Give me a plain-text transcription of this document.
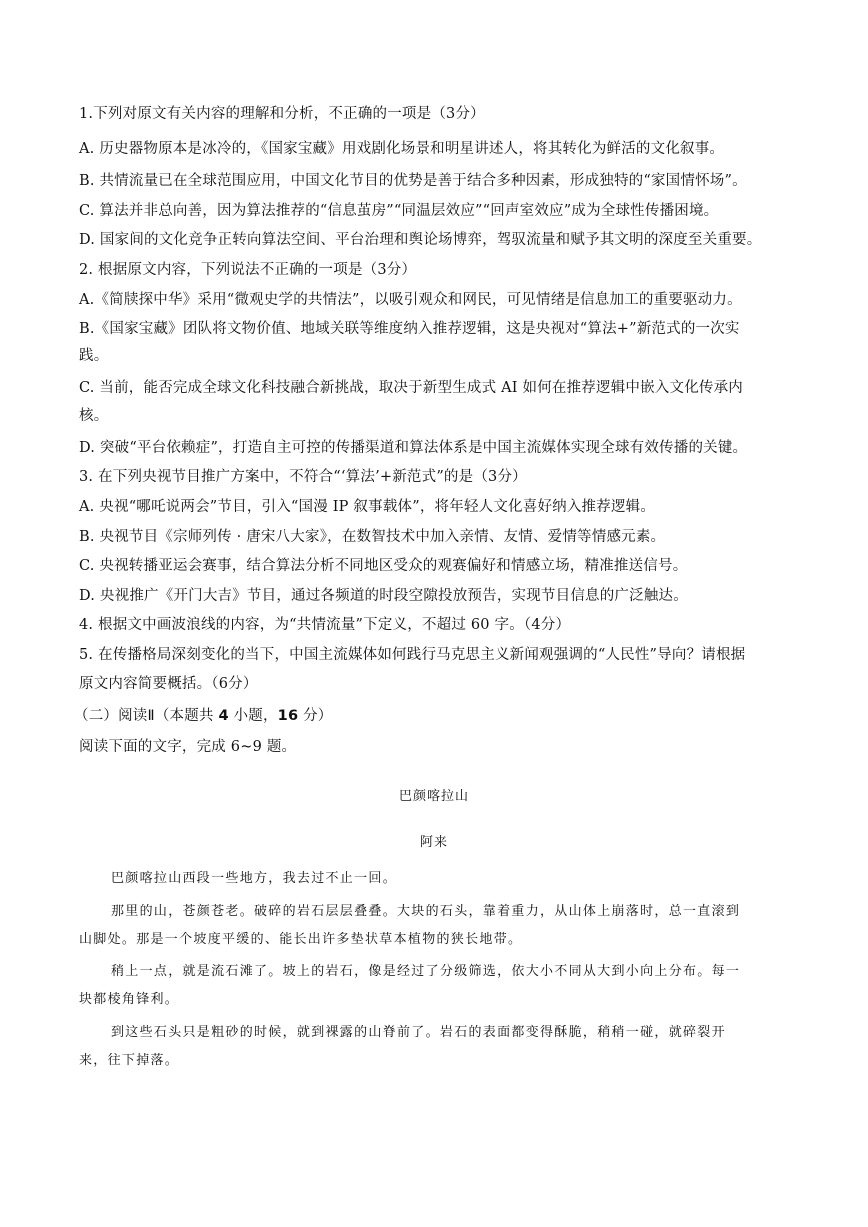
1.下列对原文有关内容的理解和分析，不正确的一项是（3分）
A. 历史器物原本是冰冷的，《国家宝藏》用戏剧化场景和明星讲述人，将其转化为鲜活的文化叙事。
B. 共情流量已在全球范围应用，中国文化节目的优势是善于结合多种因素，形成独特的“家国情怀场”。
C. 算法并非总向善，因为算法推荐的“信息茧房”“同温层效应”“回声室效应”成为全球性传播困境。
D. 国家间的文化竞争正转向算法空间、平台治理和舆论场博弈，驾驭流量和赋予其文明的深度至关重要。
2. 根据原文内容，下列说法不正确的一项是（3分）
A.《简牍探中华》采用“微观史学的共情法”，以吸引观众和网民，可见情绪是信息加工的重要驱动力。
B.《国家宝藏》团队将文物价值、地域关联等维度纳入推荐逻辑，这是央视对“算法+”新范式的一次实
践。
C. 当前，能否完成全球文化科技融合新挑战，取决于新型生成式 AI 如何在推荐逻辑中嵌入文化传承内
核。
D. 突破“平台依赖症”，打造自主可控的传播渠道和算法体系是中国主流媒体实现全球有效传播的关键。
3. 在下列央视节目推广方案中，不符合“‘算法’+新范式”的是（3分）
A. 央视“哪吒说两会”节目，引入“国漫 IP 叙事载体”，将年轻人文化喜好纳入推荐逻辑。
B. 央视节目《宗师列传 · 唐宋八大家》，在数智技术中加入亲情、友情、爱情等情感元素。
C. 央视转播亚运会赛事，结合算法分析不同地区受众的观赛偏好和情感立场，精准推送信号。
D. 央视推广《开门大吉》节目，通过各频道的时段空隙投放预告，实现节目信息的广泛触达。
4. 根据文中画波浪线的内容，为“共情流量”下定义，不超过 60 字。（4分）
5. 在传播格局深刻变化的当下，中国主流媒体如何践行马克思主义新闻观强调的“人民性”导向？请根据
原文内容简要概括。（6分）
（二）阅读Ⅱ（本题共 4 小题，16 分）
阅读下面的文字，完成 6~9 题。
巴颜喀拉山
阿来
巴颜喀拉山西段一些地方，我去过不止一回。
那里的山，苍颜苍老。破碎的岩石层层叠叠。大块的石头，靠着重力，从山体上崩落时，总一直滚到
山脚处。那是一个坡度平缓的、能长出许多垫状草本植物的狭长地带。
稍上一点，就是流石滩了。坡上的岩石，像是经过了分级筛选，依大小不同从大到小向上分布。每一
块都棱角锋利。
到这些石头只是粗砂的时候，就到裸露的山脊前了。岩石的表面都变得酥脆，稍稍一碰，就碎裂开
来，往下掉落。
